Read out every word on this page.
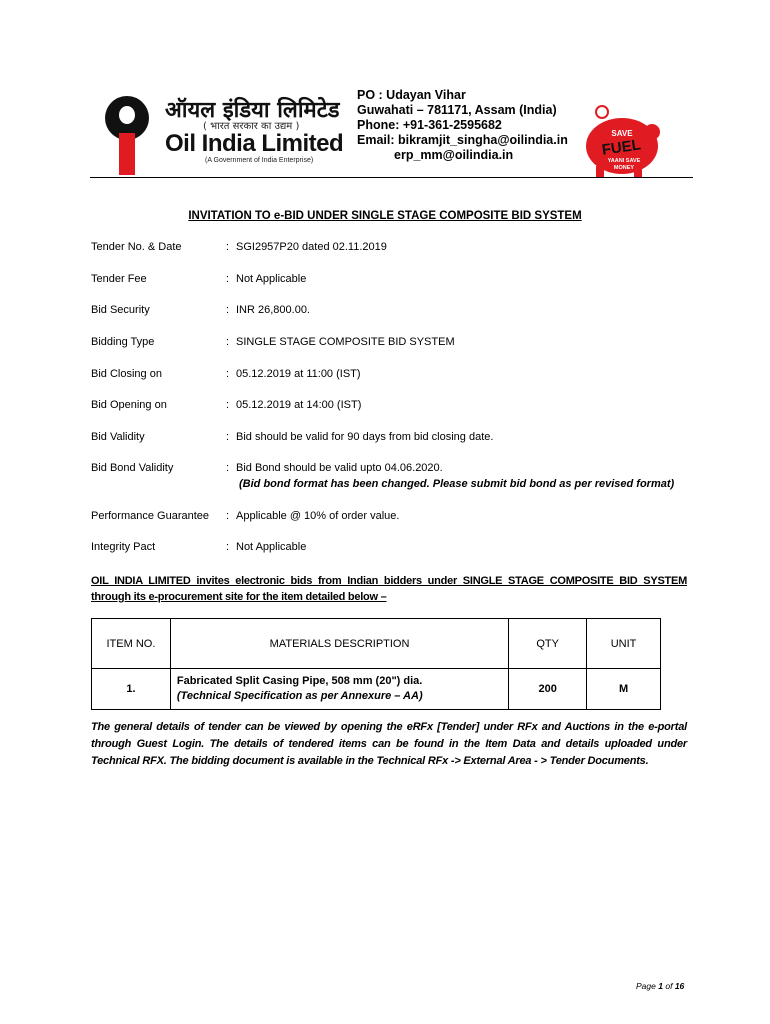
ऑयल इंडिया लिमिटेड
( भारत सरकार का उद्यम )
Oil India Limited
(A Government of India Enterprise)
PO : Udayan Vihar
Guwahati – 781171, Assam (India)
Phone: +91-361-2595682
Email: bikramjit_singha@oilindia.in
erp_mm@oilindia.in
SAVE
FUEL
YAANI SAVE
MONEY
INVITATION TO e-BID UNDER SINGLE STAGE COMPOSITE BID SYSTEM
Tender No. & Date	: SGI2957P20 dated 02.11.2019
Tender Fee	: Not Applicable
Bid Security	: INR 26,800.00.
Bidding Type	: SINGLE STAGE COMPOSITE BID SYSTEM
Bid Closing on	: 05.12.2019 at 11:00 (IST)
Bid Opening on	: 05.12.2019 at 14:00 (IST)
Bid Validity	: Bid should be valid for 90 days from bid closing date.
Bid Bond Validity	: Bid Bond should be valid upto 04.06.2020.
(Bid bond format has been changed. Please submit bid bond as per revised format)
Performance Guarantee : Applicable @ 10% of order value.
Integrity Pact	: Not Applicable
OIL INDIA LIMITED invites electronic bids from Indian bidders under SINGLE STAGE COMPOSITE BID SYSTEM through its e-procurement site for the item detailed below –
ITEM NO.	MATERIALS DESCRIPTION	QTY	UNIT
1.	Fabricated Split Casing Pipe, 508 mm (20") dia.
(Technical Specification as per Annexure – AA)	200	M
The general details of tender can be viewed by opening the eRFx [Tender] under RFx and Auctions in the e-portal through Guest Login. The details of tendered items can be found in the Item Data and details uploaded under Technical RFX. The bidding document is available in the Technical RFx -> External Area - > Tender Documents.
Page 1 of 16
